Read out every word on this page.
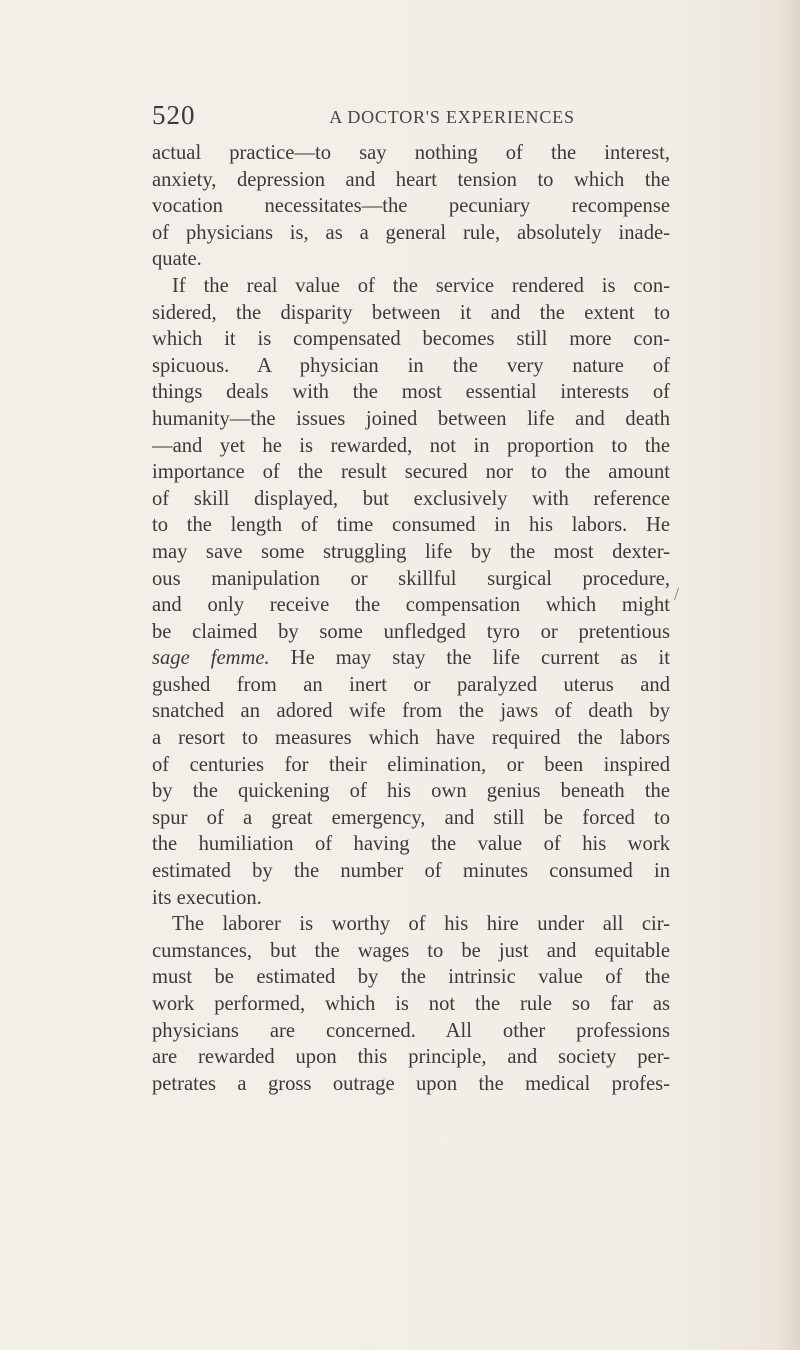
520	A DOCTOR'S EXPERIENCES
actual practice—to say nothing of the interest,
anxiety, depression and heart tension to which the
vocation necessitates—the pecuniary recompense
of physicians is, as a general rule, absolutely inade-
quate.
If the real value of the service rendered is con-
sidered, the disparity between it and the extent to
which it is compensated becomes still more con-
spicuous. A physician in the very nature of
things deals with the most essential interests of
humanity—the issues joined between life and death
—and yet he is rewarded, not in proportion to the
importance of the result secured nor to the amount
of skill displayed, but exclusively with reference
to the length of time consumed in his labors. He
may save some struggling life by the most dexter-
ous manipulation or skillful surgical procedure,
and only receive the compensation which might
be claimed by some unfledged tyro or pretentious
sage femme. He may stay the life current as it
gushed from an inert or paralyzed uterus and
snatched an adored wife from the jaws of death by
a resort to measures which have required the labors
of centuries for their elimination, or been inspired
by the quickening of his own genius beneath the
spur of a great emergency, and still be forced to
the humiliation of having the value of his work
estimated by the number of minutes consumed in
its execution.
The laborer is worthy of his hire under all cir-
cumstances, but the wages to be just and equitable
must be estimated by the intrinsic value of the
work performed, which is not the rule so far as
physicians are concerned. All other professions
are rewarded upon this principle, and society per-
petrates a gross outrage upon the medical profes-
/
